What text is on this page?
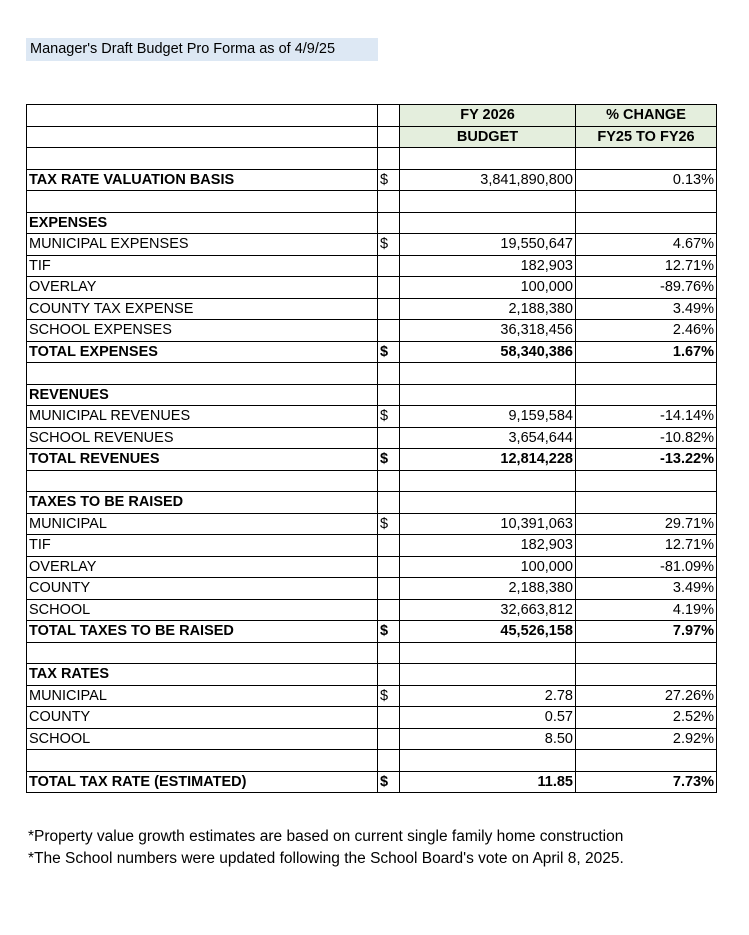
Manager's Draft Budget Pro Forma as of 4/9/25
		FY 2026	% CHANGE
		BUDGET	FY25 TO FY26

TAX RATE VALUATION BASIS	$	3,841,890,800	0.13%

EXPENSES			
MUNICIPAL EXPENSES	$	19,550,647	4.67%
TIF		182,903	12.71%
OVERLAY		100,000	-89.76%
COUNTY TAX EXPENSE		2,188,380	3.49%
SCHOOL EXPENSES		36,318,456	2.46%
TOTAL EXPENSES	$	58,340,386	1.67%

REVENUES			
MUNICIPAL REVENUES	$	9,159,584	-14.14%
SCHOOL REVENUES		3,654,644	-10.82%
TOTAL REVENUES	$	12,814,228	-13.22%

TAXES TO BE RAISED			
MUNICIPAL	$	10,391,063	29.71%
TIF		182,903	12.71%
OVERLAY		100,000	-81.09%
COUNTY		2,188,380	3.49%
SCHOOL		32,663,812	4.19%
TOTAL TAXES TO BE RAISED	$	45,526,158	7.97%

TAX RATES			
MUNICIPAL	$	2.78	27.26%
COUNTY		0.57	2.52%
SCHOOL		8.50	2.92%

TOTAL TAX RATE (ESTIMATED)	$	11.85	7.73%
*Property value growth estimates are based on current single family home construction
*The School numbers were updated following the School Board's vote on April 8, 2025.
